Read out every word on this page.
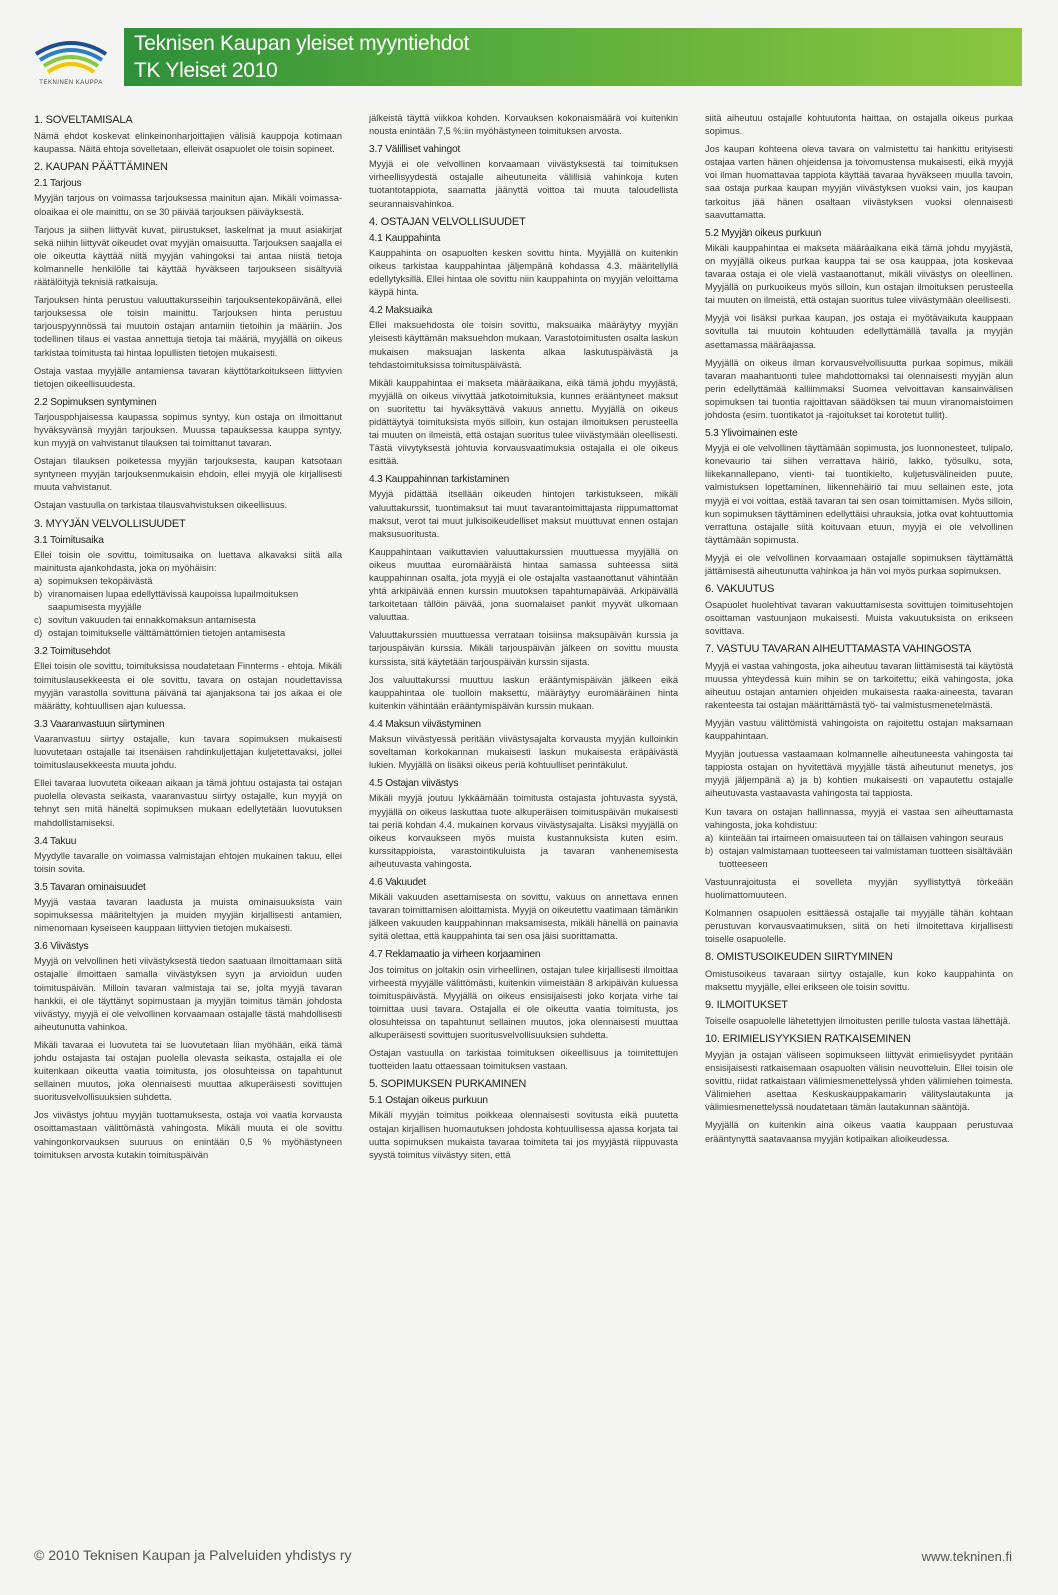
TEKNINEN KAUPPA
Teknisen Kaupan yleiset myyntiehdot
TK Yleiset 2010
1. SOVELTAMISALA

Nämä ehdot koskevat elinkeinonharjoittajien välisiä kauppoja kotimaan kaupassa. Näitä ehtoja sovelletaan, elleivät osapuolet ole toisin sopineet.

2. KAUPAN PÄÄTTÄMINEN
2.1 Tarjous

Myyjän tarjous on voimassa tarjouksessa mainitun ajan. Mikäli voimassa-oloaikaa ei ole mainittu, on se 30 päivää tarjouksen päiväyksestä.

Tarjous ja siihen liittyvät kuvat, piirustukset, laskelmat ja muut asiakirjat sekä niihin liittyvät oikeudet ovat myyjän omaisuutta. Tarjouksen saajalla ei ole oikeutta käyttää niitä myyjän vahingoksi tai antaa niistä tietoja kolmannelle henkilölle tai käyttää hyväkseen tarjoukseen sisältyviä räätälöityjä teknisiä ratkaisuja.

Tarjouksen hinta perustuu valuuttakursseihin tarjouksentekopäivänä, ellei tarjouksessa ole toisin mainittu. Tarjouksen hinta perustuu tarjouspyynnössä tai muutoin ostajan antamiin tietoihin ja määriin. Jos todellinen tilaus ei vastaa annettuja tietoja tai määriä, myyjällä on oikeus tarkistaa toimitusta tai hintaa lopullisten tietojen mukaisesti.

Ostaja vastaa myyjälle antamiensa tavaran käyttötarkoitukseen liittyvien tietojen oikeellisuudesta.

2.2 Sopimuksen syntyminen

Tarjouspohjaisessa kaupassa sopimus syntyy, kun ostaja on ilmoittanut hyväksyvänsä myyjän tarjouksen. Muussa tapauksessa kauppa syntyy, kun myyjä on vahvistanut tilauksen tai toimittanut tavaran.

Ostajan tilauksen poiketessa myyjän tarjouksesta, kaupan katsotaan syntyneen myyjän tarjouksenmukaisin ehdoin, ellei myyjä ole kirjallisesti muuta vahvistanut.

Ostajan vastuulla on tarkistaa tilausvahvistuksen oikeellisuus.

3. MYYJÄN VELVOLLISUUDET
3.1 Toimitusaika

Ellei toisin ole sovittu, toimitusaika on luettava alkavaksi siitä alla mainitusta ajankohdasta, joka on myöhäisin:

a) sopimuksen tekopäivästä
b) viranomaisen lupaa edellyttävissä kaupoissa lupailmoituksen saapumisesta myyjälle
c) sovitun vakuuden tai ennakkomaksun antamisesta
d) ostajan toimitukselle välttämättömien tietojen antamisesta
3.2 Toimitusehdot

Ellei toisin ole sovittu, toimituksissa noudatetaan Finnterms - ehtoja. Mikäli toimituslausekkeesta ei ole sovittu, tavara on ostajan noudettavissa myyjän varastolla sovittuna päivänä tai ajanjaksona tai jos aikaa ei ole määrätty, kohtuullisen ajan kuluessa.

3.3 Vaaranvastuun siirtyminen

Vaaranvastuu siirtyy ostajalle, kun tavara sopimuksen mukaisesti luovutetaan ostajalle tai itsenäisen rahdinkuljettajan kuljetettavaksi, jollei toimituslausekkeesta muuta johdu.

Ellei tavaraa luovuteta oikeaan aikaan ja tämä johtuu ostajasta tai ostajan puolella olevasta seikasta, vaaranvastuu siirtyy ostajalle, kun myyjä on tehnyt sen mitä häneltä sopimuksen mukaan edellytetään luovutuksen mahdollistamiseksi.

3.4 Takuu

Myydylle tavaralle on voimassa valmistajan ehtojen mukainen takuu, ellei toisin sovita.

3.5 Tavaran ominaisuudet

Myyjä vastaa tavaran laadusta ja muista ominaisuuksista vain sopimuksessa määriteltyjen ja muiden myyjän kirjallisesti antamien, nimenomaan kyseiseen kauppaan liittyvien tietojen mukaisesti.

3.6 Viivästys

Myyjä on velvollinen heti viivästyksestä tiedon saatuaan ilmoittamaan siitä ostajalle ilmoittaen samalla viivästyksen syyn ja arvioidun uuden toimituspäivän. Milloin tavaran valmistaja tai se, jolta myyjä tavaran hankkii, ei ole täyttänyt sopimustaan ja myyjän toimitus tämän johdosta viivästyy, myyjä ei ole velvollinen korvaamaan ostajalle tästä mahdollisesti aiheutunutta vahinkoa.

Mikäli tavaraa ei luovuteta tai se luovutetaan liian myöhään, eikä tämä johdu ostajasta tai ostajan puolella olevasta seikasta, ostajalla ei ole kuitenkaan oikeutta vaatia toimitusta, jos olosuhteissa on tapahtunut sellainen muutos, joka olennaisesti muuttaa alkuperäisesti sovittujen suoritusvelvollisuuksien suhdetta.

Jos viivästys johtuu myyjän tuottamuksesta, ostaja voi vaatia korvausta osoittamastaan välittömästä vahingosta. Mikäli muuta ei ole sovittu vahingonkorvauksen suuruus on enintään 0,5 % myöhästyneen toimituksen arvosta kutakin toimituspäivän

jälkeistä täyttä viikkoa kohden. Korvauksen kokonaismäärä voi kuitenkin nousta enintään 7,5 %:iin myöhästyneen toimituksen arvosta.

3.7 Välilliset vahingot

Myyjä ei ole velvollinen korvaamaan viivästyksestä tai toimituksen virheellisyydestä ostajalle aiheutuneita välillisiä vahinkoja kuten tuotantotappiota, saamatta jäänyttä voittoa tai muuta taloudellista seurannaisvahinkoa.

4. OSTAJAN VELVOLLISUUDET
4.1 Kauppahinta

Kauppahinta on osapuolten kesken sovittu hinta. Myyjällä on kuitenkin oikeus tarkistaa kauppahintaa jäljempänä kohdassa 4.3. määritellyllä edellytyksillä. Ellei hintaa ole sovittu niin kauppahinta on myyjän veloittama käypä hinta.

4.2 Maksuaika

Ellei maksuehdosta ole toisin sovittu, maksuaika määräytyy myyjän yleisesti käyttämän maksuehdon mukaan. Varastotoimitusten osalta laskun mukaisen maksuajan laskenta alkaa laskutuspäivästä ja tehdastoimituksissa toimituspäivästä.

Mikäli kauppahintaa ei makseta määräaikana, eikä tämä johdu myyjästä, myyjällä on oikeus viivyttää jatkotoimituksia, kunnes erääntyneet maksut on suoritettu tai hyväksyttävä vakuus annettu. Myyjällä on oikeus pidättäytyä toimituksista myös silloin, kun ostajan ilmoituksen perusteella tai muuten on ilmeistä, että ostajan suoritus tulee viivästymään oleellisesti. Tästä viivytyksestä johtuvia korvausvaatimuksia ostajalla ei ole oikeus esittää.

4.3 Kauppahinnan tarkistaminen

Myyjä pidättää itsellään oikeuden hintojen tarkistukseen, mikäli valuuttakurssit, tuontimaksut tai muut tavarantoimittajasta riippumattomat maksut, verot tai muut julkisoikeudelliset maksut muuttuvat ennen ostajan maksusuoritusta.

Kauppahintaan vaikuttavien valuuttakurssien muuttuessa myyjällä on oikeus muuttaa euromääräistä hintaa samassa suhteessa siitä kauppahinnan osalta, jota myyjä ei ole ostajalta vastaanottanut vähintään yhtä arkipäivää ennen kurssin muutoksen tapahtumapäivää. Arkipäivällä tarkoitetaan tällöin päivää, jona suomalaiset pankit myyvät ulkomaan valuuttaa.

Valuuttakurssien muuttuessa verrataan toisiinsa maksupäivän kurssia ja tarjouspäivän kurssia. Mikäli tarjouspäivän jälkeen on sovittu muusta kurssista, sitä käytetään tarjouspäivän kurssin sijasta.

Jos valuuttakurssi muuttuu laskun erääntymispäivän jälkeen eikä kauppahintaa ole tuolloin maksettu, määräytyy euromääräinen hinta kuitenkin vähintään erääntymispäivän kurssin mukaan.

4.4 Maksun viivästyminen

Maksun viivästyessä peritään viivästysajalta korvausta myyjän kulloinkin soveltaman korkokannan mukaisesti laskun mukaisesta eräpäivästä lukien. Myyjällä on lisäksi oikeus periä kohtuulliset perintäkulut.

4.5 Ostajan viivästys

Mikäli myyjä joutuu lykkäämään toimitusta ostajasta johtuvasta syystä, myyjällä on oikeus laskuttaa tuote alkuperäisen toimituspäivän mukaisesti tai periä kohdan 4.4. mukainen korvaus viivästysajalta. Lisäksi myyjällä on oikeus korvaukseen myös muista kustannuksista kuten esim. kurssitappioista, varastointikuluista ja tavaran vanhenemisesta aiheutuvasta vahingosta.

4.6 Vakuudet

Mikäli vakuuden asettamisesta on sovittu, vakuus on annettava ennen tavaran toimittamisen aloittamista. Myyjä on oikeutettu vaatimaan tämänkin jälkeen vakuuden kauppahinnan maksamisesta, mikäli hänellä on painavia syitä olettaa, että kauppahinta tai sen osa jäisi suorittamatta.

4.7 Reklamaatio ja virheen korjaaminen

Jos toimitus on joltakin osin virheellinen, ostajan tulee kirjallisesti ilmoittaa virheestä myyjälle välittömästi, kuitenkin viimeistään 8 arkipäivän kuluessa toimituspäivästä. Myyjällä on oikeus ensisijaisesti joko korjata virhe tai toimittaa uusi tavara. Ostajalla ei ole oikeutta vaatia toimitusta, jos olosuhteissa on tapahtunut sellainen muutos, joka olennaisesti muuttaa alkuperäisesti sovittujen suoritusvelvollisuuksien suhdetta.

Ostajan vastuulla on tarkistaa toimituksen oikeellisuus ja toimitettujen tuotteiden laatu ottaessaan toimituksen vastaan.

5. SOPIMUKSEN PURKAMINEN
5.1 Ostajan oikeus purkuun

Mikäli myyjän toimitus poikkeaa olennaisesti sovitusta eikä puutetta ostajan kirjallisen huomautuksen johdosta kohtuullisessa ajassa korjata tai uutta sopimuksen mukaista tavaraa toimiteta tai jos myyjästä riippuvasta syystä toimitus viivästyy siten, että

siitä aiheutuu ostajalle kohtuutonta haittaa, on ostajalla oikeus purkaa sopimus.

Jos kaupan kohteena oleva tavara on valmistettu tai hankittu erityisesti ostajaa varten hänen ohjeidensa ja toivomustensa mukaisesti, eikä myyjä voi ilman huomattavaa tappiota käyttää tavaraa hyväkseen muulla tavoin, saa ostaja purkaa kaupan myyjän viivästyksen vuoksi vain, jos kaupan tarkoitus jää hänen osaltaan viivästyksen vuoksi olennaisesti saavuttamatta.

5.2 Myyjän oikeus purkuun

Mikäli kauppahintaa ei makseta määräaikana eikä tämä johdu myyjästä, on myyjällä oikeus purkaa kauppa tai se osa kauppaa, jota koskevaa tavaraa ostaja ei ole vielä vastaanottanut, mikäli viivästys on oleellinen. Myyjällä on purkuoikeus myös silloin, kun ostajan ilmoituksen perusteella tai muuten on ilmeistä, että ostajan suoritus tulee viivästymään oleellisesti.

Myyjä voi lisäksi purkaa kaupan, jos ostaja ei myötävaikuta kauppaan sovitulla tai muutoin kohtuuden edellyttämällä tavalla ja myyjän asettamassa määräajassa.

Myyjällä on oikeus ilman korvausvelvollisuutta purkaa sopimus, mikäli tavaran maahantuonti tulee mahdottomaksi tai olennaisesti myyjän alun perin edellyttämää kalliimmaksi Suomea velvoittavan kansainvälisen sopimuksen tai tuontia rajoittavan säädöksen tai muun viranomaistoimen johdosta (esim. tuontikatot ja -rajoitukset tai korotetut tullit).

5.3 Ylivoimainen este

Myyjä ei ole velvollinen täyttämään sopimusta, jos luonnonesteet, tulipalo, konevaurio tai siihen verrattava häiriö, lakko, työsulku, sota, liikekannallepano, vienti- tai tuontikielto, kuljetusvälineiden puute, valmistuksen lopettaminen, liikennehäiriö tai muu sellainen este, jota myyjä ei voi voittaa, estää tavaran tai sen osan toimittamisen. Myös silloin, kun sopimuksen täyttäminen edellyttäisi uhrauksia, jotka ovat kohtuuttomia verrattuna ostajalle siitä koituvaan etuun, myyjä ei ole velvollinen täyttämään sopimusta.

Myyjä ei ole velvollinen korvaamaan ostajalle sopimuksen täyttämättä jättämisestä aiheutunutta vahinkoa ja hän voi myös purkaa sopimuksen.

6. VAKUUTUS

Osapuolet huolehtivat tavaran vakuuttamisesta sovittujen toimitusehtojen osoittaman vastuunjaon mukaisesti. Muista vakuutuksista on erikseen sovittava.

7. VASTUU TAVARAN AIHEUTTAMASTA VAHINGOSTA

Myyjä ei vastaa vahingosta, joka aiheutuu tavaran liittämisestä tai käytöstä muussa yhteydessä kuin mihin se on tarkoitettu; eikä vahingosta, joka aiheutuu ostajan antamien ohjeiden mukaisesta raaka-aineesta, tavaran rakenteesta tai ostajan määrittämästä työ- tai valmistusmenetelmästä.

Myyjän vastuu välittömistä vahingoista on rajoitettu ostajan maksamaan kauppahintaan.

Myyjän joutuessa vastaamaan kolmannelle aiheutuneesta vahingosta tai tappiosta ostajan on hyvitettävä myyjälle tästä aiheutunut menetys, jos myyjä jäljempänä a) ja b) kohtien mukaisesti on vapautettu ostajalle aiheutuvasta vastaavasta vahingosta tai tappiosta.

Kun tavara on ostajan hallinnassa, myyjä ei vastaa sen aiheuttamasta vahingosta, joka kohdistuu:

a) kiinteään tai irtaimeen omaisuuteen tai on tällaisen vahingon seuraus
b) ostajan valmistamaan tuotteeseen tai valmistaman tuotteen sisältävään tuotteeseen

Vastuunrajoitusta ei sovelleta myyjän syyllistyttyä törkeään huolimattomuuteen.

Kolmannen osapuolen esittäessä ostajalle tai myyjälle tähän kohtaan perustuvan korvausvaatimuksen, siitä on heti ilmoitettava kirjallisesti toiselle osapuolelle.

8. OMISTUSOIKEUDEN SIIRTYMINEN

Omistusoikeus tavaraan siirtyy ostajalle, kun koko kauppahinta on maksettu myyjälle, ellei erikseen ole toisin sovittu.

9. ILMOITUKSET

Toiselle osapuolelle lähetettyjen ilmoitusten perille tulosta vastaa lähettäjä.

10. ERIMIELISYYKSIEN RATKAISEMINEN

Myyjän ja ostajan väliseen sopimukseen liittyvät erimielisyydet pyritään ensisijaisesti ratkaisemaan osapuolten välisin neuvotteluin. Ellei toisin ole sovittu, riidat ratkaistaan välimiesmenettelyssä yhden välimiehen toimesta. Välimiehen asettaa Keskuskauppakamarin välityslautakunta ja välimiesmenettelyssä noudatetaan tämän lautakunnan sääntöjä.

Myyjällä on kuitenkin aina oikeus vaatia kauppaan perustuvaa erääntynyttä saatavaansa myyjän kotipaikan alioikeudessa.

© 2010 Teknisen Kaupan ja Palveluiden yhdistys ry	www.tekninen.fi
